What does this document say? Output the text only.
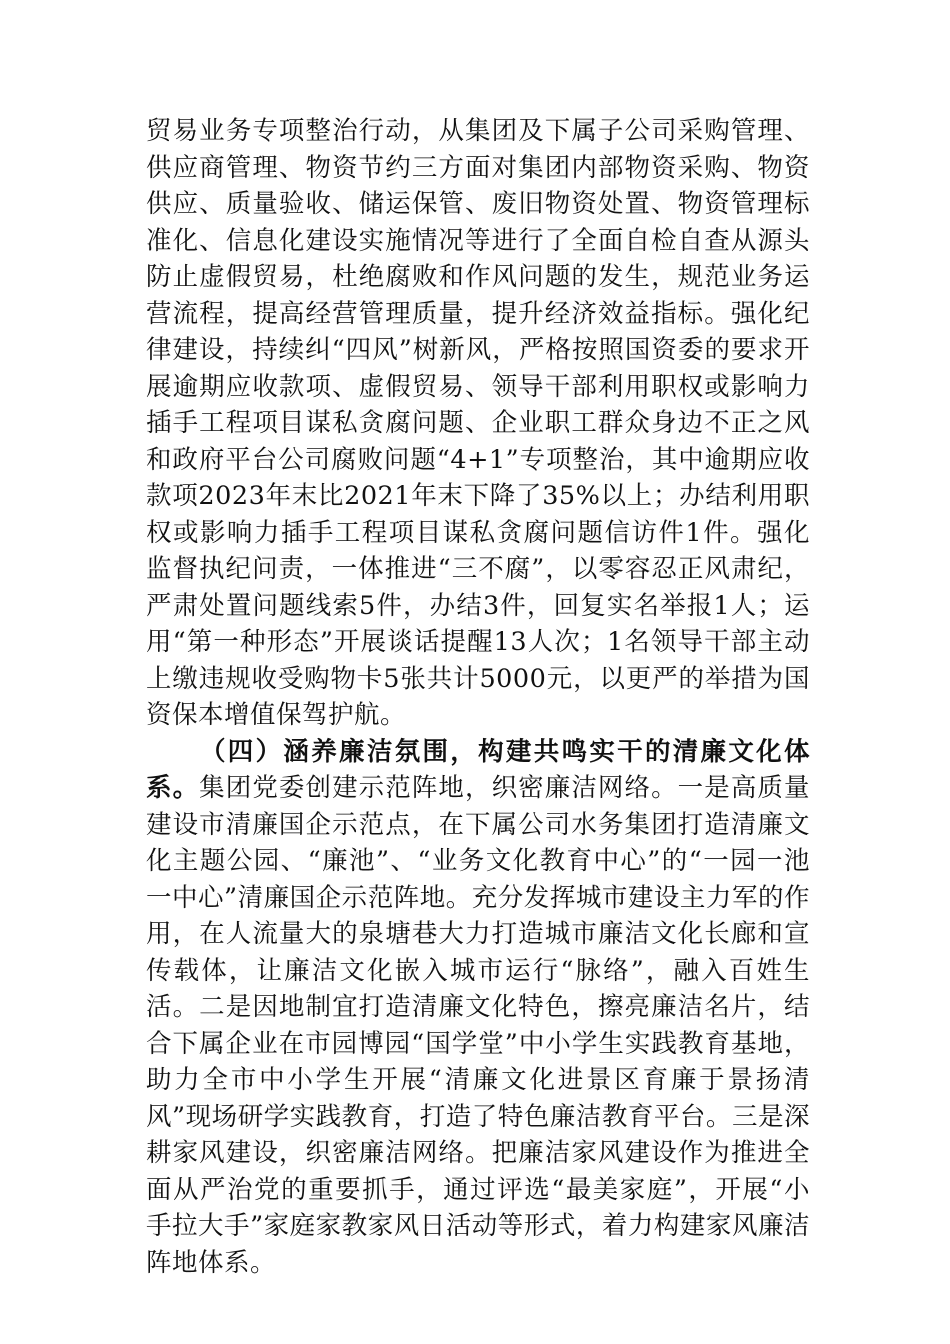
贸易业务专项整治行动，从集团及下属子公司采购管理、供应商管理、物资节约三方面对集团内部物资采购、物资供应、质量验收、储运保管、废旧物资处置、物资管理标准化、信息化建设实施情况等进行了全面自检自查从源头防止虚假贸易，杜绝腐败和作风问题的发生，规范业务运营流程，提高经营管理质量，提升经济效益指标。强化纪律建设，持续纠“四风”树新风，严格按照国资委的要求开展逾期应收款项、虚假贸易、领导干部利用职权或影响力插手工程项目谋私贪腐问题、企业职工群众身边不正之风和政府平台公司腐败问题“4+1”专项整治，其中逾期应收款项2023年末比2021年末下降了35%以上；办结利用职权或影响力插手工程项目谋私贪腐问题信访件1件。强化监督执纪问责，一体推进“三不腐”，以零容忍正风肃纪，严肃处置问题线索5件，办结3件，回复实名举报1人；运用“第一种形态”开展谈话提醒13人次；1名领导干部主动上缴违规收受购物卡5张共计5000元，以更严的举措为国资保本增值保驾护航。

（四）涵养廉洁氛围，构建共鸣实干的清廉文化体系。集团党委创建示范阵地，织密廉洁网络。一是高质量建设市清廉国企示范点，在下属公司水务集团打造清廉文化主题公园、“廉池”、“业务文化教育中心”的“一园一池一中心”清廉国企示范阵地。充分发挥城市建设主力军的作用，在人流量大的泉塘巷大力打造城市廉洁文化长廊和宣传载体，让廉洁文化嵌入城市运行“脉络”，融入百姓生活。二是因地制宜打造清廉文化特色，擦亮廉洁名片，结合下属企业在市园博园“国学堂”中小学生实践教育基地，助力全市中小学生开展“清廉文化进景区育廉于景扬清风”现场研学实践教育，打造了特色廉洁教育平台。三是深耕家风建设，织密廉洁网络。把廉洁家风建设作为推进全面从严治党的重要抓手，通过评选“最美家庭”，开展“小手拉大手”家庭家教家风日活动等形式，着力构建家风廉洁阵地体系。
